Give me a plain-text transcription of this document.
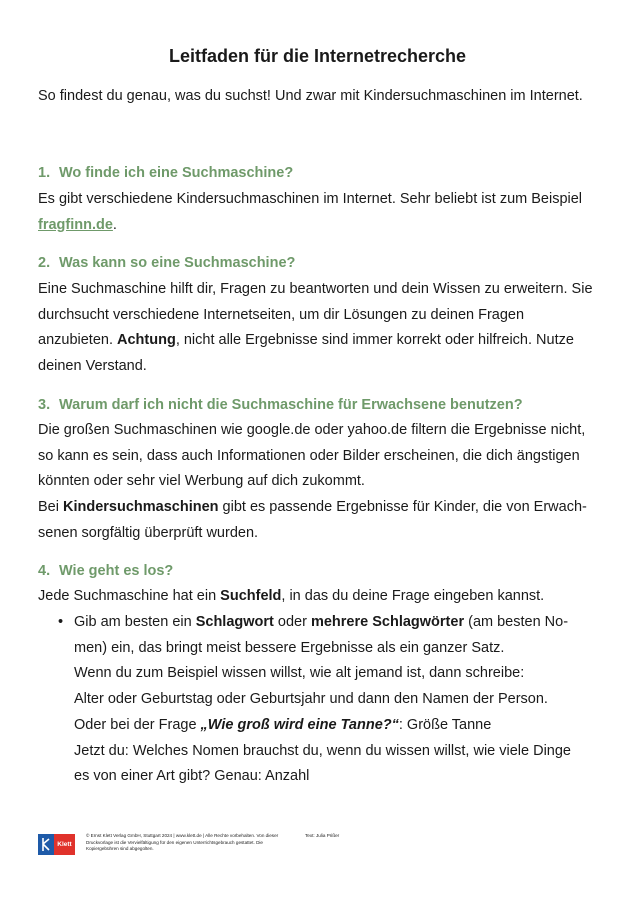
Leitfaden für die Internetrecherche
So findest du genau, was du suchst! Und zwar mit Kindersuchmaschinen im Internet.
1. Wo finde ich eine Suchmaschine?
Es gibt verschiedene Kindersuchmaschinen im Internet. Sehr beliebt ist zum Beispiel fragfinn.de.
2. Was kann so eine Suchmaschine?
Eine Suchmaschine hilft dir, Fragen zu beantworten und dein Wissen zu erweitern. Sie durchsucht verschiedene Internetseiten, um dir Lösungen zu deinen Fragen anzubieten. Achtung, nicht alle Ergebnisse sind immer korrekt oder hilfreich. Nutze deinen Verstand.
3. Warum darf ich nicht die Suchmaschine für Erwachsene benutzen?
Die großen Suchmaschinen wie google.de oder yahoo.de filtern die Ergebnisse nicht, so kann es sein, dass auch Informationen oder Bilder erscheinen, die dich ängstigen könnten oder sehr viel Werbung auf dich zukommt.
Bei Kindersuchmaschinen gibt es passende Ergebnisse für Kinder, die von Erwachsenen sorgfältig überprüft wurden.
4. Wie geht es los?
Jede Suchmaschine hat ein Suchfeld, in das du deine Frage eingeben kannst.
• Gib am besten ein Schlagwort oder mehrere Schlagwörter (am besten Nomen) ein, das bringt meist bessere Ergebnisse als ein ganzer Satz.
Wenn du zum Beispiel wissen willst, wie alt jemand ist, dann schreibe:
Alter oder Geburtstag oder Geburtsjahr und dann den Namen der Person.
Oder bei der Frage „Wie groß wird eine Tanne?“: Größe Tanne
Jetzt du: Welches Nomen brauchst du, wenn du wissen willst, wie viele Dinge es von einer Art gibt? Genau: Anzahl
Klett
© Ernst Klett Verlag GmbH, Stuttgart 2024 | www.klett.de | Alle Rechte vorbehalten. Von dieser Druckvorlage ist die Vervielfältigung für den eigenen Unterrichtsgebrauch gestattet. Die Kopiergebühren sind abgegolten.
Text: Julia Prißer
